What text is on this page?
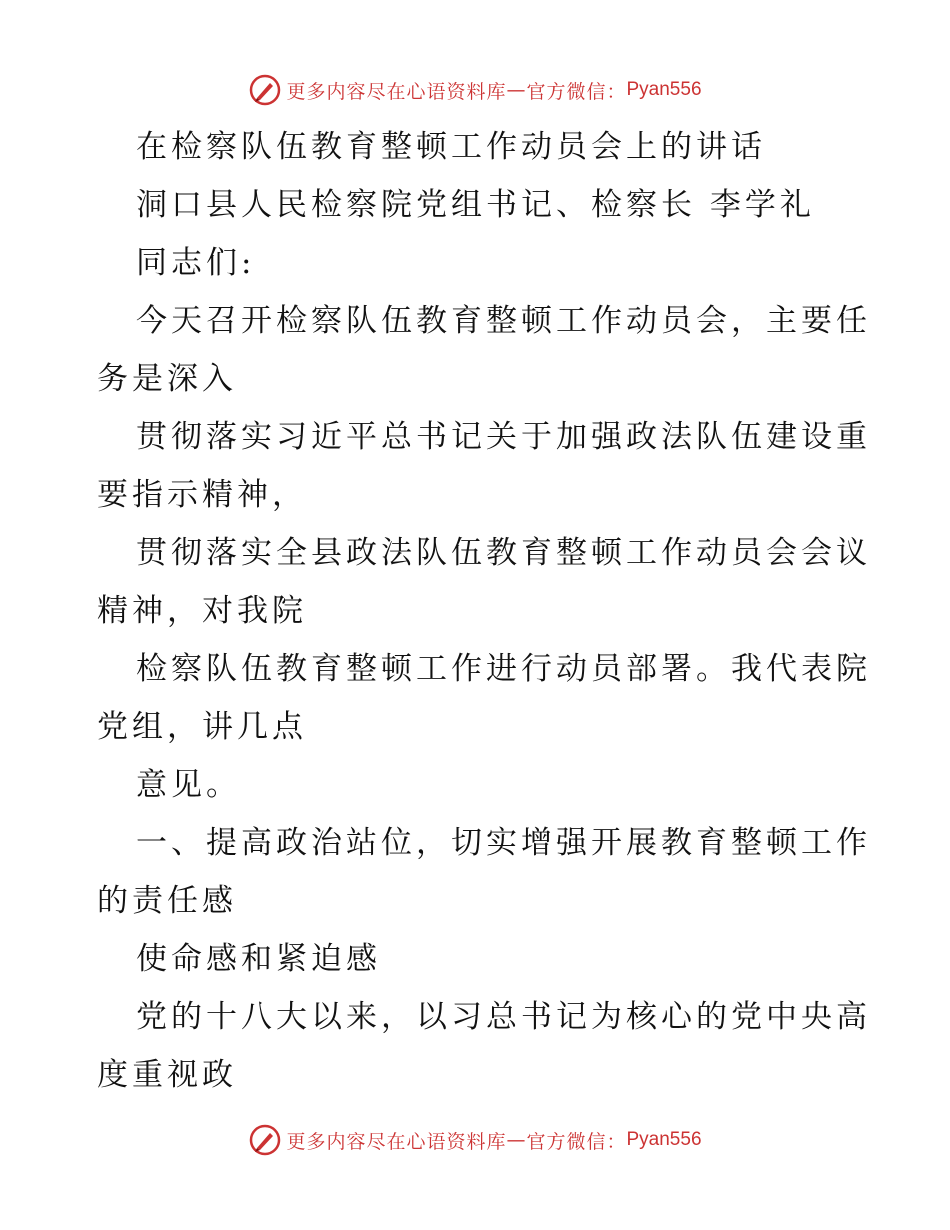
更多内容尽在心语资料库 — 官方微信： Pyan556
在检察队伍教育整顿工作动员会上的讲话
洞口县人民检察院党组书记、检察长 李学礼
同志们:
今天召开检察队伍教育整顿工作动员会，主要任
务是深入
贯彻落实习近平总书记关于加强政法队伍建设重
要指示精神，
贯彻落实全县政法队伍教育整顿工作动员会会议
精神，对我院
检察队伍教育整顿工作进行动员部署。我代表院
党组，讲几点
意见。
一、提高政治站位，切实增强开展教育整顿工作
的责任感
使命感和紧迫感
党的十八大以来，以习总书记为核心的党中央高
度重视政
更多内容尽在心语资料库 — 官方微信： Pyan556
